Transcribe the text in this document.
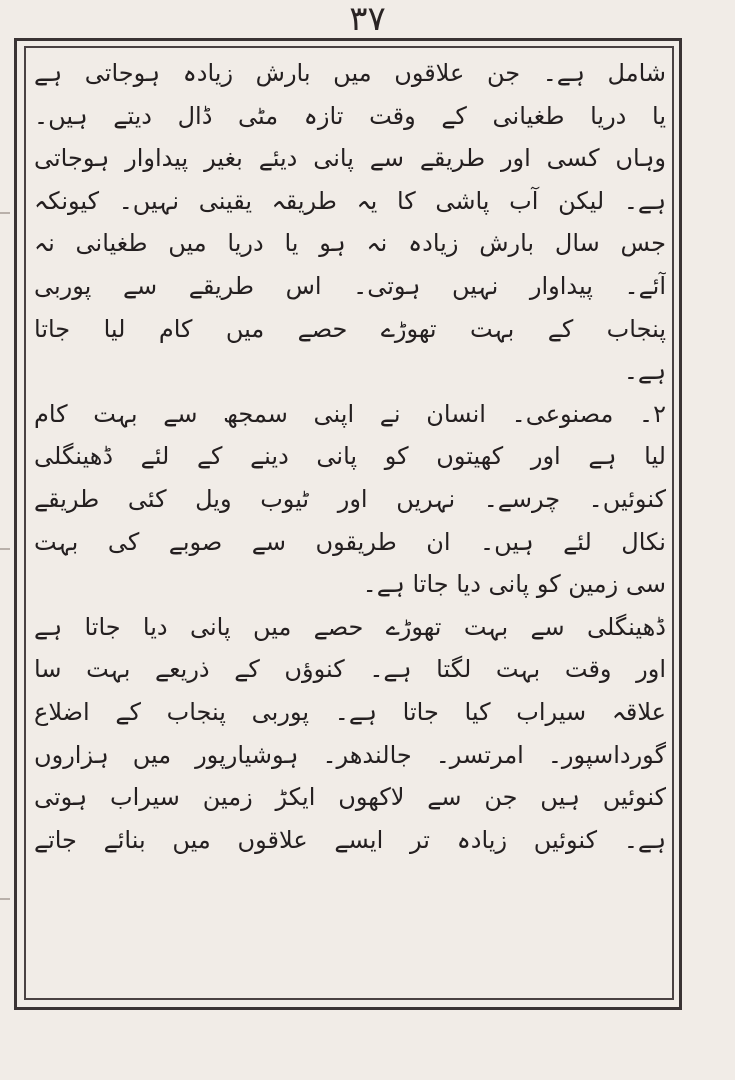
۳۷
شامل ہے۔ جن علاقوں میں بارش زیادہ ہوجاتی ہے
یا دریا طغیانی کے وقت تازہ مٹی ڈال دیتے ہیں۔
وہاں کسی اور طریقے سے پانی دیئے بغیر پیداوار ہوجاتی
ہے۔ لیکن آب پاشی کا یہ طریقہ یقینی نہیں۔ کیونکہ
جس سال بارش زیادہ نہ ہو یا دریا میں طغیانی نہ
آئے۔ پیداوار نہیں ہوتی۔ اس طریقے سے پوربی
پنجاب کے بہت تھوڑے حصے میں کام لیا جاتا
ہے۔
۲۔ مصنوعی۔ انسان نے اپنی سمجھ سے بہت کام
لیا ہے اور کھیتوں کو پانی دینے کے لئے ڈھینگلی
کنوئیں۔ چرسے۔ نہریں اور ٹیوب ویل کئی طریقے
نکال لئے ہیں۔ ان طریقوں سے صوبے کی بہت
سی زمین کو پانی دیا جاتا ہے۔
ڈھینگلی سے بہت تھوڑے حصے میں پانی دیا جاتا ہے
اور وقت بہت لگتا ہے۔ کنوؤں کے ذریعے بہت سا
علاقہ سیراب کیا جاتا ہے۔ پوربی پنجاب کے اضلاع
گورداسپور۔ امرتسر۔ جالندھر۔ ہوشیارپور میں ہزاروں
کنوئیں ہیں جن سے لاکھوں ایکڑ زمین سیراب ہوتی
ہے۔ کنوئیں زیادہ تر ایسے علاقوں میں بنائے جاتے
